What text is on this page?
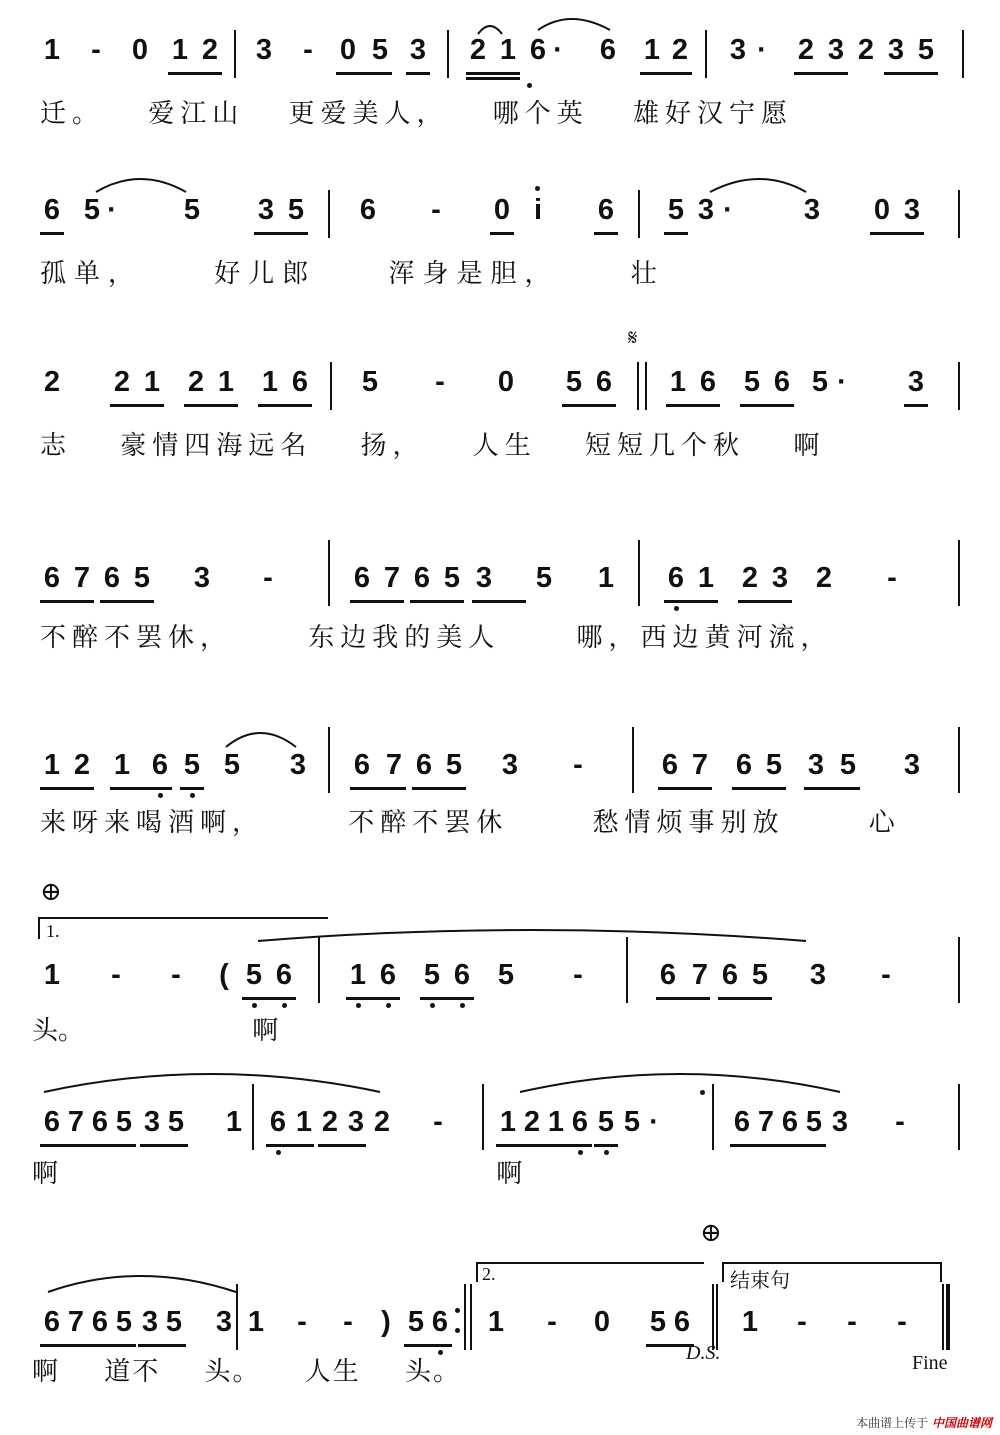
1 - 0 1 2 3 - 0 5 3 2 1 6 · 6 1 2 3 · 2 3 2 3 5
迁。 爱江山 更爱美人， 哪个英 雄好汉宁愿
6 5 · 5 3 5 6 - 0 i 6 5 3 · 3 0 3
孤单， 好儿郎 浑身是胆， 壮
𝄋
2 2 1 2 1 1 6 5 - 0 5 6 1 6 5 6 5 · 3
志 豪情四海远名 扬， 人生 短短几个秋 啊
6 7 6 5 3 -	6 7 6 5 3 5 1 6 1 2 3 2 -
不醉不罢休， 东边我的美人 哪，西边黄河流，
1 2 1 6 5 5 3 6 7 6 5 3 -	6 7 6 5 3 5 3
来呀来喝酒啊， 不醉不罢休 愁情烦事别放 心
⊕
1.
1 - - ( 5 6 1 6 5 6 5 -	6 7 6 5 3 -
头。 啊
6 7 6 5 3 5 1 6 1 2 3 2 - 1 2 1 6 5 5 ·	6 7 6 5 3 -
啊 啊
⊕
2.	结束句
6 7 6 5 3 5 3 1 - - ) 5 6 1 - 0 5 6 1 - - -
啊 道不 头。 人生 头。
D.S.	Fine
本曲谱上传于 中国曲谱网
